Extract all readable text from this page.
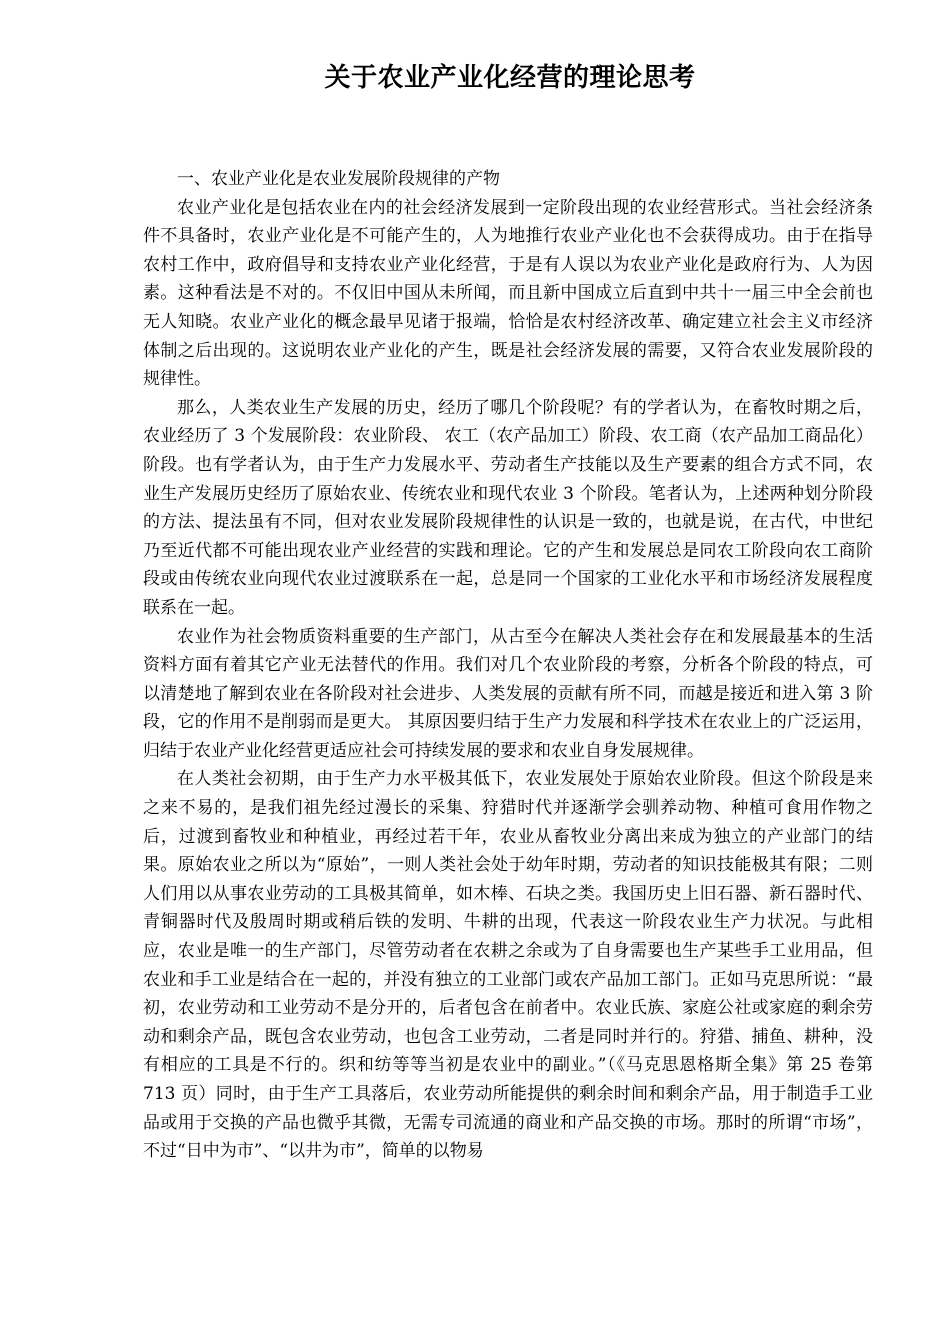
关于农业产业化经营的理论思考

一、农业产业化是农业发展阶段规律的产物

农业产业化是包括农业在内的社会经济发展到一定阶段出现的农业经营形式。当社会经济条件不具备时，农业产业化是不可能产生的，人为地推行农业产业化也不会获得成功。由于在指导农村工作中，政府倡导和支持农业产业化经营，于是有人误以为农业产业化是政府行为、人为因素。这种看法是不对的。不仅旧中国从未所闻，而且新中国成立后直到中共十一届三中全会前也无人知晓。农业产业化的概念最早见诸于报端，恰恰是农村经济改革、确定建立社会主义市经济体制之后出现的。这说明农业产业化的产生，既是社会经济发展的需要，又符合农业发展阶段的规律性。

那么，人类农业生产发展的历史，经历了哪几个阶段呢？有的学者认为，在畜牧时期之后，农业经历了 3 个发展阶段：农业阶段、 农工（农产品加工）阶段、农工商（农产品加工商品化）阶段。也有学者认为，由于生产力发展水平、劳动者生产技能以及生产要素的组合方式不同，农业生产发展历史经历了原始农业、传统农业和现代农业 3 个阶段。笔者认为，上述两种划分阶段的方法、提法虽有不同，但对农业发展阶段规律性的认识是一致的，也就是说，在古代，中世纪乃至近代都不可能出现农业产业经营的实践和理论。它的产生和发展总是同农工阶段向农工商阶段或由传统农业向现代农业过渡联系在一起，总是同一个国家的工业化水平和市场经济发展程度联系在一起。

农业作为社会物质资料重要的生产部门，从古至今在解决人类社会存在和发展最基本的生活资料方面有着其它产业无法替代的作用。我们对几个农业阶段的考察，分析各个阶段的特点，可以清楚地了解到农业在各阶段对社会进步、人类发展的贡献有所不同，而越是接近和进入第 3 阶段，它的作用不是削弱而是更大。 其原因要归结于生产力发展和科学技术在农业上的广泛运用，归结于农业产业化经营更适应社会可持续发展的要求和农业自身发展规律。

在人类社会初期，由于生产力水平极其低下，农业发展处于原始农业阶段。但这个阶段是来之来不易的，是我们祖先经过漫长的采集、狩猎时代并逐渐学会驯养动物、种植可食用作物之后，过渡到畜牧业和种植业，再经过若干年，农业从畜牧业分离出来成为独立的产业部门的结果。原始农业之所以为“原始”，一则人类社会处于幼年时期，劳动者的知识技能极其有限；二则人们用以从事农业劳动的工具极其简单，如木棒、石块之类。我国历史上旧石器、新石器时代、青铜器时代及殷周时期或稍后铁的发明、牛耕的出现，代表这一阶段农业生产力状况。与此相应，农业是唯一的生产部门，尽管劳动者在农耕之余或为了自身需要也生产某些手工业用品，但农业和手工业是结合在一起的，并没有独立的工业部门或农产品加工部门。正如马克思所说：“最初，农业劳动和工业劳动不是分开的，后者包含在前者中。农业氏族、家庭公社或家庭的剩余劳动和剩余产品，既包含农业劳动，也包含工业劳动，二者是同时并行的。狩猎、捕鱼、耕种，没有相应的工具是不行的。织和纺等等当初是农业中的副业。”（《马克思恩格斯全集》第 25 卷第 713 页）同时，由于生产工具落后，农业劳动所能提供的剩余时间和剩余产品，用于制造手工业品或用于交换的产品也微乎其微，无需专司流通的商业和产品交换的市场。那时的所谓“市场”，不过“日中为市”、“以井为市”，简单的以物易
